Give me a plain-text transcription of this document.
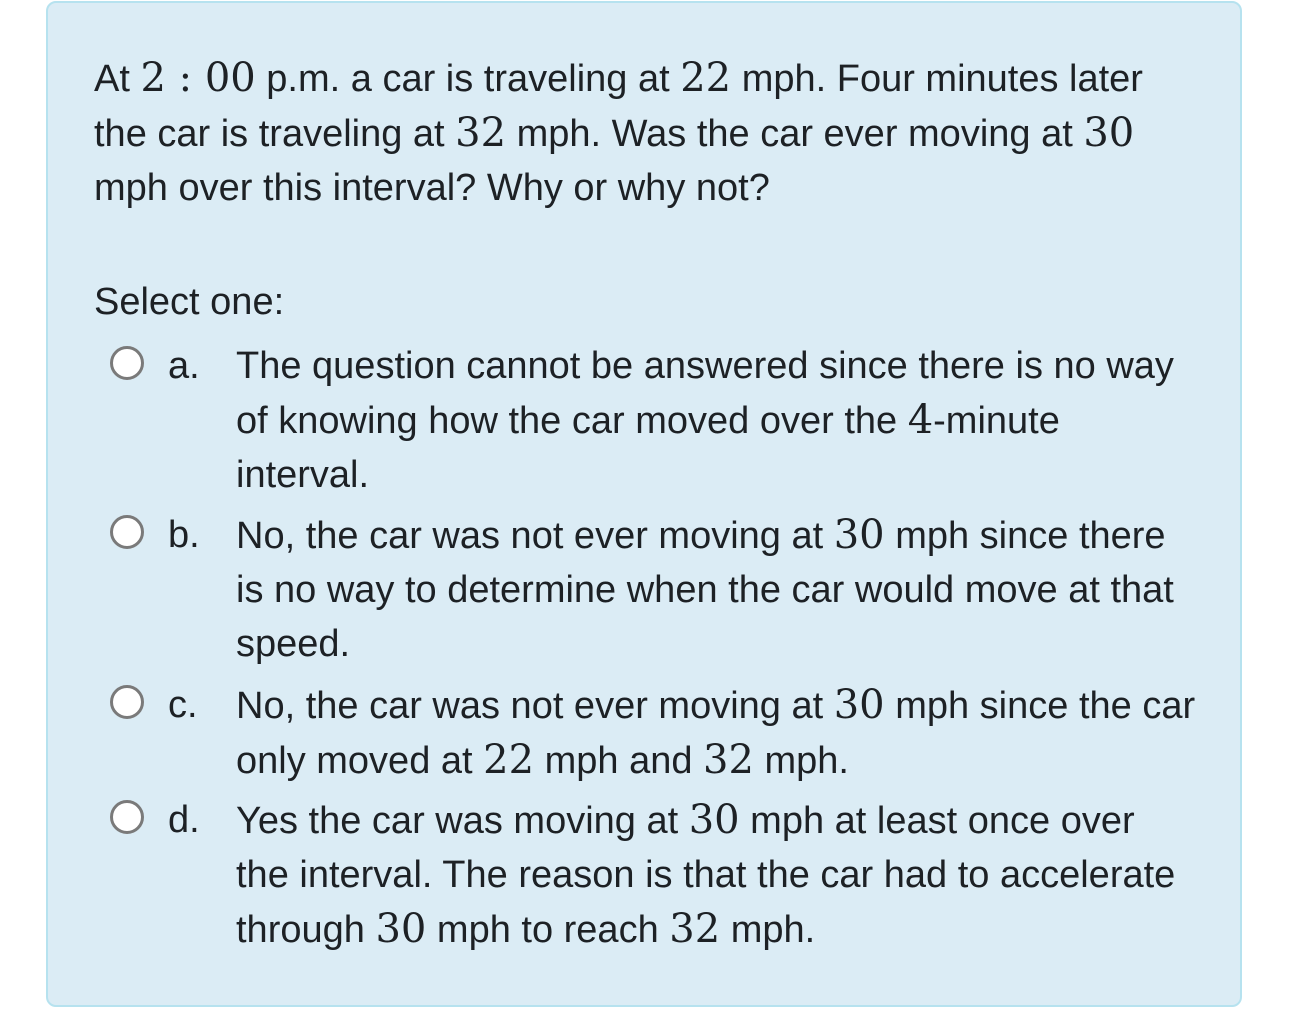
At 2 : 00 p.m. a car is traveling at 22 mph. Four minutes later the car is traveling at 32 mph. Was the car ever moving at 30 mph over this interval? Why or why not?

Select one:

a. The question cannot be answered since there is no way of knowing how the car moved over the 4-minute interval.

b. No, the car was not ever moving at 30 mph since there is no way to determine when the car would move at that speed.

c. No, the car was not ever moving at 30 mph since the car only moved at 22 mph and 32 mph.

d. Yes the car was moving at 30 mph at least once over the interval. The reason is that the car had to accelerate through 30 mph to reach 32 mph.
